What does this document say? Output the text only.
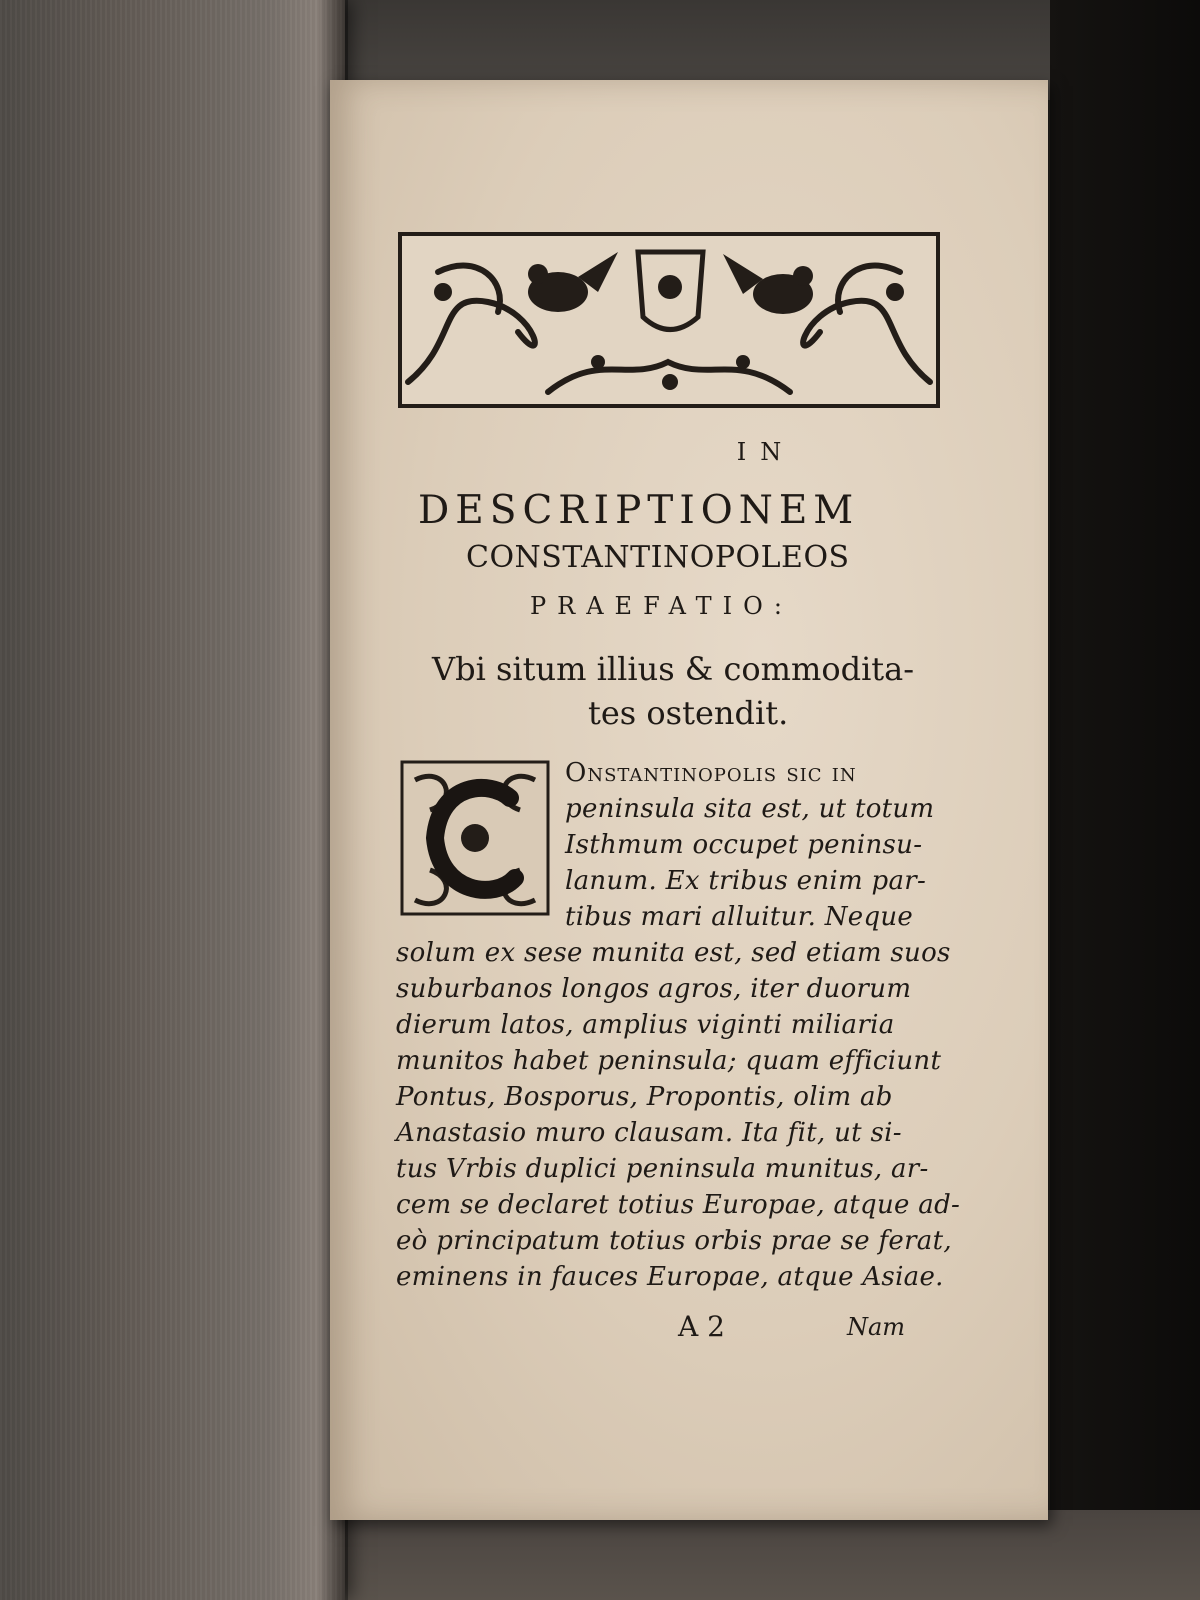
IN
DESCRIPTIONEM
CONSTANTINOPOLEOS
PRAEFATIO:
Vbi situm illius & commodita-
tes ostendit.
Onstantinopolis sic in
peninsula sita est, ut totum
Isthmum occupet peninsu-
lanum. Ex tribus enim par-
tibus mari alluitur. Neque
solum ex sese munita est, sed etiam suos
suburbanos longos agros, iter duorum
dierum latos, amplius viginti miliaria
munitos habet peninsula; quam efficiunt
Pontus, Bosporus, Propontis, olim ab
Anastasio muro clausam. Ita fit, ut si-
tus Vrbis duplici peninsula munitus, ar-
cem se declaret totius Europae, atque ad-
eò principatum totius orbis prae se ferat,
eminens in fauces Europae, atque Asiae.
A 2	Nam
